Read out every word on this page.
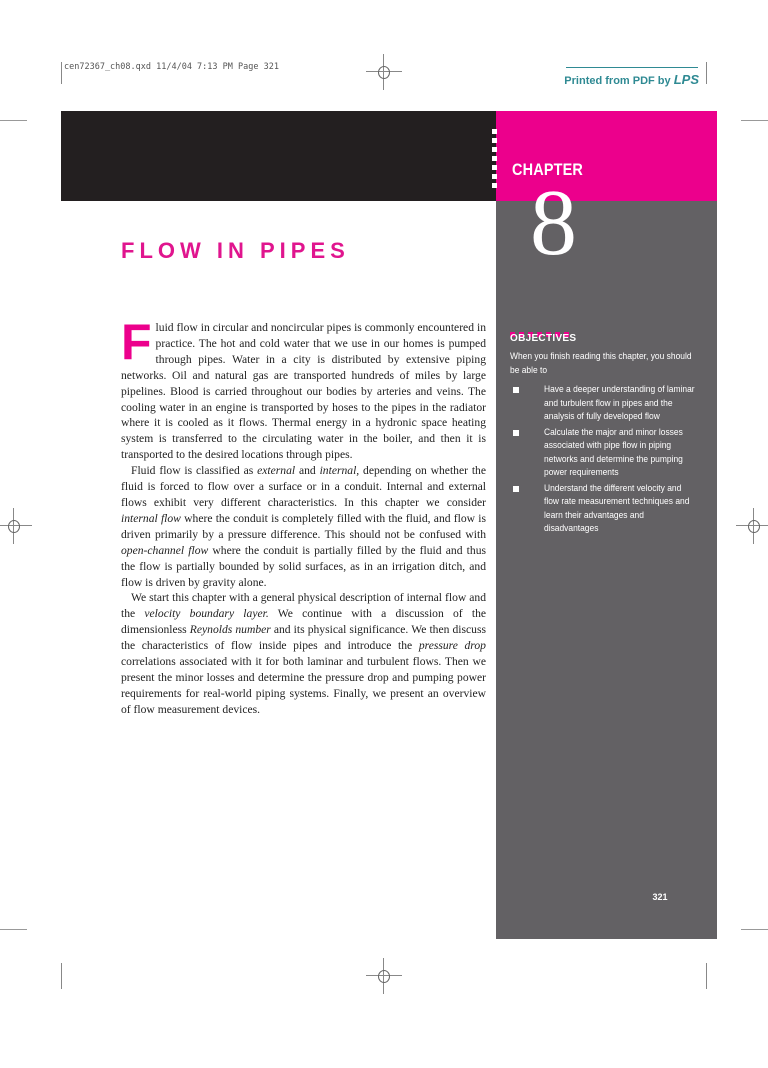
cen72367_ch08.qxd 11/4/04 7:13 PM Page 321
Printed from PDF by LPS
CHAPTER
8
FLOW IN PIPES

Fluid flow in circular and noncircular pipes is commonly encountered in practice. The hot and cold water that we use in our homes is pumped through pipes. Water in a city is distributed by extensive piping networks. Oil and natural gas are transported hundreds of miles by large pipelines. Blood is carried throughout our bodies by arteries and veins. The cooling water in an engine is transported by hoses to the pipes in the radiator where it is cooled as it flows. Thermal energy in a hydronic space heating system is transferred to the circulating water in the boiler, and then it is transported to the desired locations through pipes.

Fluid flow is classified as external and internal, depending on whether the fluid is forced to flow over a surface or in a conduit. Internal and external flows exhibit very different characteristics. In this chapter we consider internal flow where the conduit is completely filled with the fluid, and flow is driven primarily by a pressure difference. This should not be confused with open-channel flow where the conduit is partially filled by the fluid and thus the flow is partially bounded by solid surfaces, as in an irrigation ditch, and flow is driven by gravity alone.

We start this chapter with a general physical description of internal flow and the velocity boundary layer. We continue with a discussion of the dimensionless Reynolds number and its physical significance. We then discuss the characteristics of flow inside pipes and introduce the pressure drop correlations associated with it for both laminar and turbulent flows. Then we present the minor losses and determine the pressure drop and pumping power requirements for real-world piping systems. Finally, we present an overview of flow measurement devices.

OBJECTIVES
When you finish reading this chapter, you should be able to
Have a deeper understanding of laminar and turbulent flow in pipes and the analysis of fully developed flow
Calculate the major and minor losses associated with pipe flow in piping networks and determine the pumping power requirements
Understand the different velocity and flow rate measurement techniques and learn their advantages and disadvantages
321
